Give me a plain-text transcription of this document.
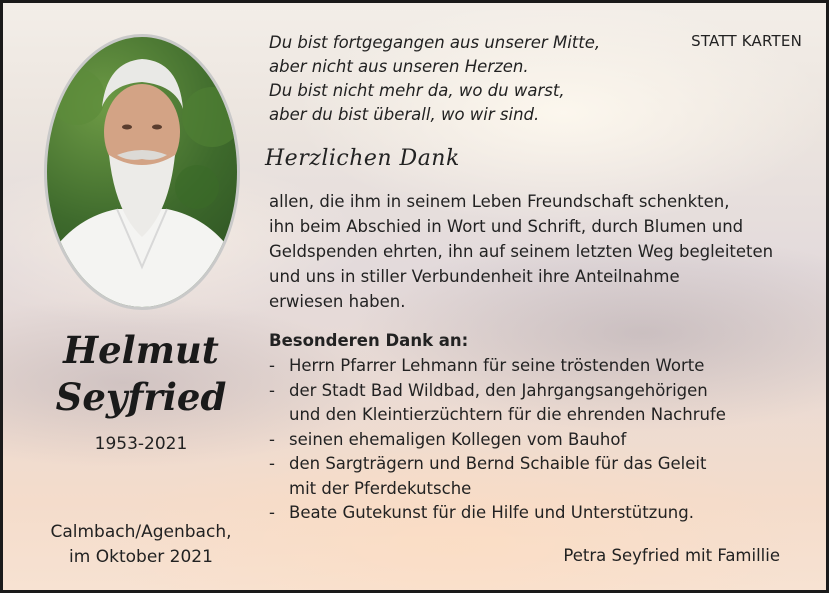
Helmut
Seyfried
1953-2021
Calmbach/Agenbach,
im Oktober 2021
STATT KARTEN
Du bist fortgegangen aus unserer Mitte,
aber nicht aus unseren Herzen.
Du bist nicht mehr da, wo du warst,
aber du bist überall, wo wir sind.
Herzlichen Dank
allen, die ihm in seinem Leben Freundschaft schenkten,
ihn beim Abschied in Wort und Schrift, durch Blumen und
Geldspenden ehrten, ihn auf seinem letzten Weg begleiteten
und uns in stiller Verbundenheit ihre Anteilnahme
erwiesen haben.
Besonderen Dank an:
- Herrn Pfarrer Lehmann für seine tröstenden Worte
- der Stadt Bad Wildbad, den Jahrgangsangehörigen
und den Kleintierzüchtern für die ehrenden Nachrufe
- seinen ehemaligen Kollegen vom Bauhof
- den Sargträgern und Bernd Schaible für das Geleit
mit der Pferdekutsche
- Beate Gutekunst für die Hilfe und Unterstützung.
Petra Seyfried mit Famillie
